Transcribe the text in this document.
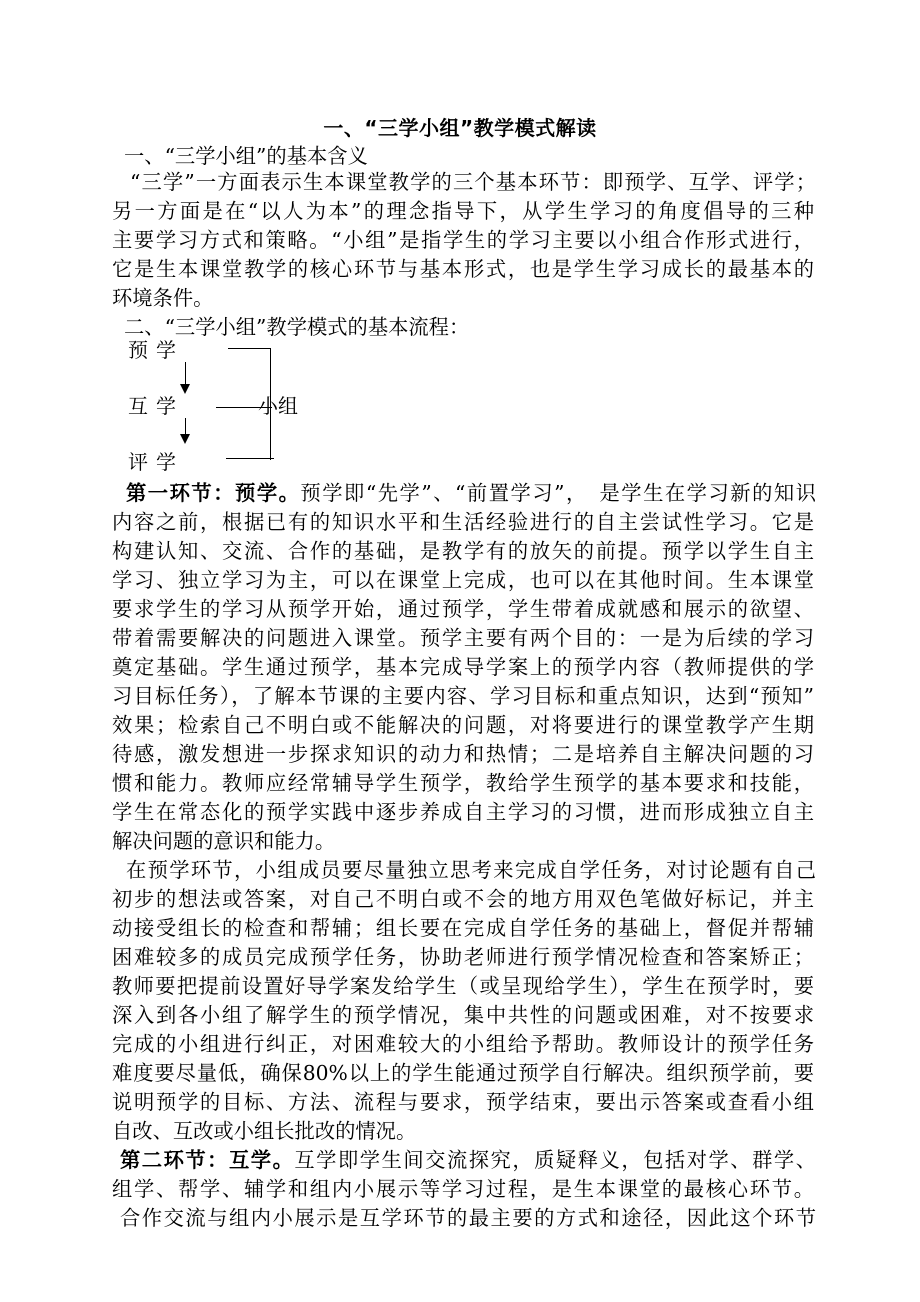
一、“三学小组”教学模式解读
一、“三学小组”的基本含义
“三学”一方面表示生本课堂教学的三个基本环节：即预学、互学、评学；
另一方面是在“以人为本”的理念指导下，从学生学习的角度倡导的三种
主要学习方式和策略。“小组”是指学生的学习主要以小组合作形式进行，
它是生本课堂教学的核心环节与基本形式，也是学生学习成长的最基本的
环境条件。
二、“三学小组”教学模式的基本流程：
预学
互学
评学
小组
第一环节：预学。预学即“先学”、“前置学习”，　是学生在学习新的知识
内容之前，根据已有的知识水平和生活经验进行的自主尝试性学习。它是
构建认知、交流、合作的基础，是教学有的放矢的前提。预学以学生自主
学习、独立学习为主，可以在课堂上完成，也可以在其他时间。生本课堂
要求学生的学习从预学开始，通过预学，学生带着成就感和展示的欲望、
带着需要解决的问题进入课堂。预学主要有两个目的：一是为后续的学习
奠定基础。学生通过预学，基本完成导学案上的预学内容（教师提供的学
习目标任务），了解本节课的主要内容、学习目标和重点知识，达到“预知”
效果；检索自己不明白或不能解决的问题，对将要进行的课堂教学产生期
待感，激发想进一步探求知识的动力和热情；二是培养自主解决问题的习
惯和能力。教师应经常辅导学生预学，教给学生预学的基本要求和技能，
学生在常态化的预学实践中逐步养成自主学习的习惯，进而形成独立自主
解决问题的意识和能力。
在预学环节，小组成员要尽量独立思考来完成自学任务，对讨论题有自己
初步的想法或答案，对自己不明白或不会的地方用双色笔做好标记，并主
动接受组长的检查和帮辅；组长要在完成自学任务的基础上，督促并帮辅
困难较多的成员完成预学任务，协助老师进行预学情况检查和答案矫正；
教师要把提前设置好导学案发给学生（或呈现给学生），学生在预学时，要
深入到各小组了解学生的预学情况，集中共性的问题或困难，对不按要求
完成的小组进行纠正，对困难较大的小组给予帮助。教师设计的预学任务
难度要尽量低，确保80%以上的学生能通过预学自行解决。组织预学前，要
说明预学的目标、方法、流程与要求，预学结束，要出示答案或查看小组
自改、互改或小组长批改的情况。
第二环节：互学。互学即学生间交流探究，质疑释义，包括对学、群学、
组学、帮学、辅学和组内小展示等学习过程，是生本课堂的最核心环节。
合作交流与组内小展示是互学环节的最主要的方式和途径，因此这个环节
